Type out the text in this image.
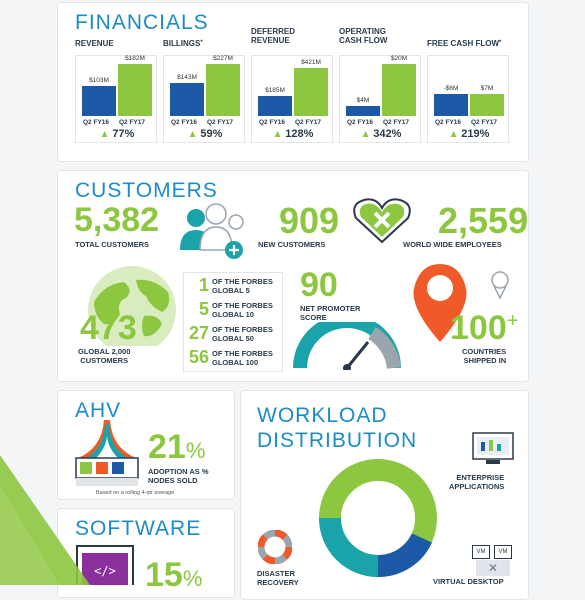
FINANCIALS
REVENUE
$103M
$182M
Q2 FY16 Q2 FY17
▲ 77%
BILLINGS*
$143M
$227M
Q2 FY16 Q2 FY17
▲ 59%
DEFERRED
REVENUE
$185M
$421M
Q2 FY16 Q2 FY17
▲ 128%
OPERATING
CASH FLOW
$4M
$20M
Q2 FY16 Q2 FY17
▲ 342%
FREE CASH FLOW*
-$6M	$7M
Q2 FY16 Q2 FY17
▲ 219%
CUSTOMERS
5,382
TOTAL CUSTOMERS
909
NEW CUSTOMERS
2,559
WORLD WIDE EMPLOYEES
473
GLOBAL 2,000
CUSTOMERS
1 OF THE FORBES
GLOBAL 5
5 OF THE FORBES
GLOBAL 10
27 OF THE FORBES
GLOBAL 50
56 OF THE FORBES
GLOBAL 100
90
NET PROMOTER
SCORE	100+
COUNTRIES
SHIPPED IN
AHV
21%
ADOPTION AS %
NODES SOLD
Based on a rolling 4-qtr average
SOFTWARE
</> 15%
WORKLOAD
DISTRIBUTION
ENTERPRISE
APPLICATIONS
DISASTER
RECOVERY
VM	VM
✕
VIRTUAL DESKTOP
